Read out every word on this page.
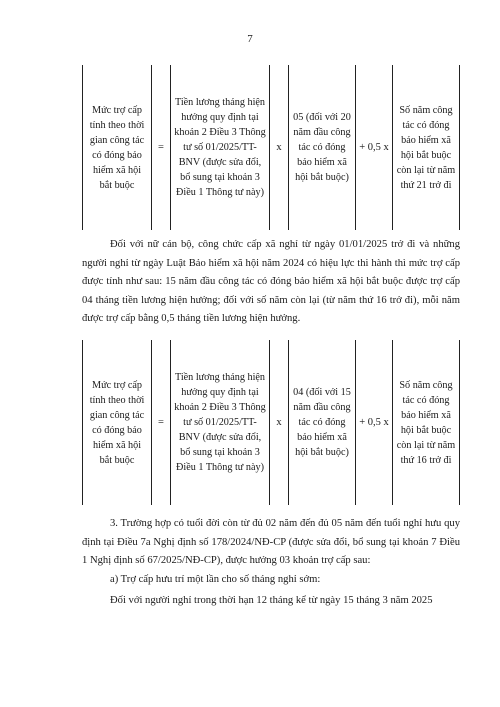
7
Mức trợ cấp tính theo thời gian công tác có đóng bảo hiểm xã hội bắt buộc
=
Tiền lương tháng hiện hưởng quy định tại khoản 2 Điều 3 Thông tư số 01/2025/TT-BNV (được sửa đổi, bổ sung tại khoản 3 Điều 1 Thông tư này)
x
05 (đối với 20 năm đầu công tác có đóng bảo hiểm xã hội bắt buộc)
+ 0,5 x
Số năm công tác có đóng bảo hiểm xã hội bắt buộc còn lại từ năm thứ 21 trở đi
Đối với nữ cán bộ, công chức cấp xã nghỉ từ ngày 01/01/2025 trở đi và những người nghỉ từ ngày Luật Bảo hiểm xã hội năm 2024 có hiệu lực thi hành thì mức trợ cấp được tính như sau: 15 năm đầu công tác có đóng bảo hiểm xã hội bắt buộc được trợ cấp 04 tháng tiền lương hiện hưởng; đối với số năm còn lại (từ năm thứ 16 trở đi), mỗi năm được trợ cấp bằng 0,5 tháng tiền lương hiện hưởng.
Mức trợ cấp tính theo thời gian công tác có đóng bảo hiểm xã hội bắt buộc
=
Tiền lương tháng hiện hưởng quy định tại khoản 2 Điều 3 Thông tư số 01/2025/TT-BNV (được sửa đổi, bổ sung tại khoản 3 Điều 1 Thông tư này)
x
04 (đối với 15 năm đầu công tác có đóng bảo hiểm xã hội bắt buộc)
+ 0,5 x
Số năm công tác có đóng bảo hiểm xã hội bắt buộc còn lại từ năm thứ 16 trở đi
3. Trường hợp có tuổi đời còn từ đủ 02 năm đến đủ 05 năm đến tuổi nghỉ hưu quy định tại Điều 7a Nghị định số 178/2024/NĐ-CP (được sửa đổi, bổ sung tại khoản 7 Điều 1 Nghị định số 67/2025/NĐ-CP), được hưởng 03 khoản trợ cấp sau:
a) Trợ cấp hưu trí một lần cho số tháng nghỉ sớm:
Đối với người nghỉ trong thời hạn 12 tháng kể từ ngày 15 tháng 3 năm 2025
